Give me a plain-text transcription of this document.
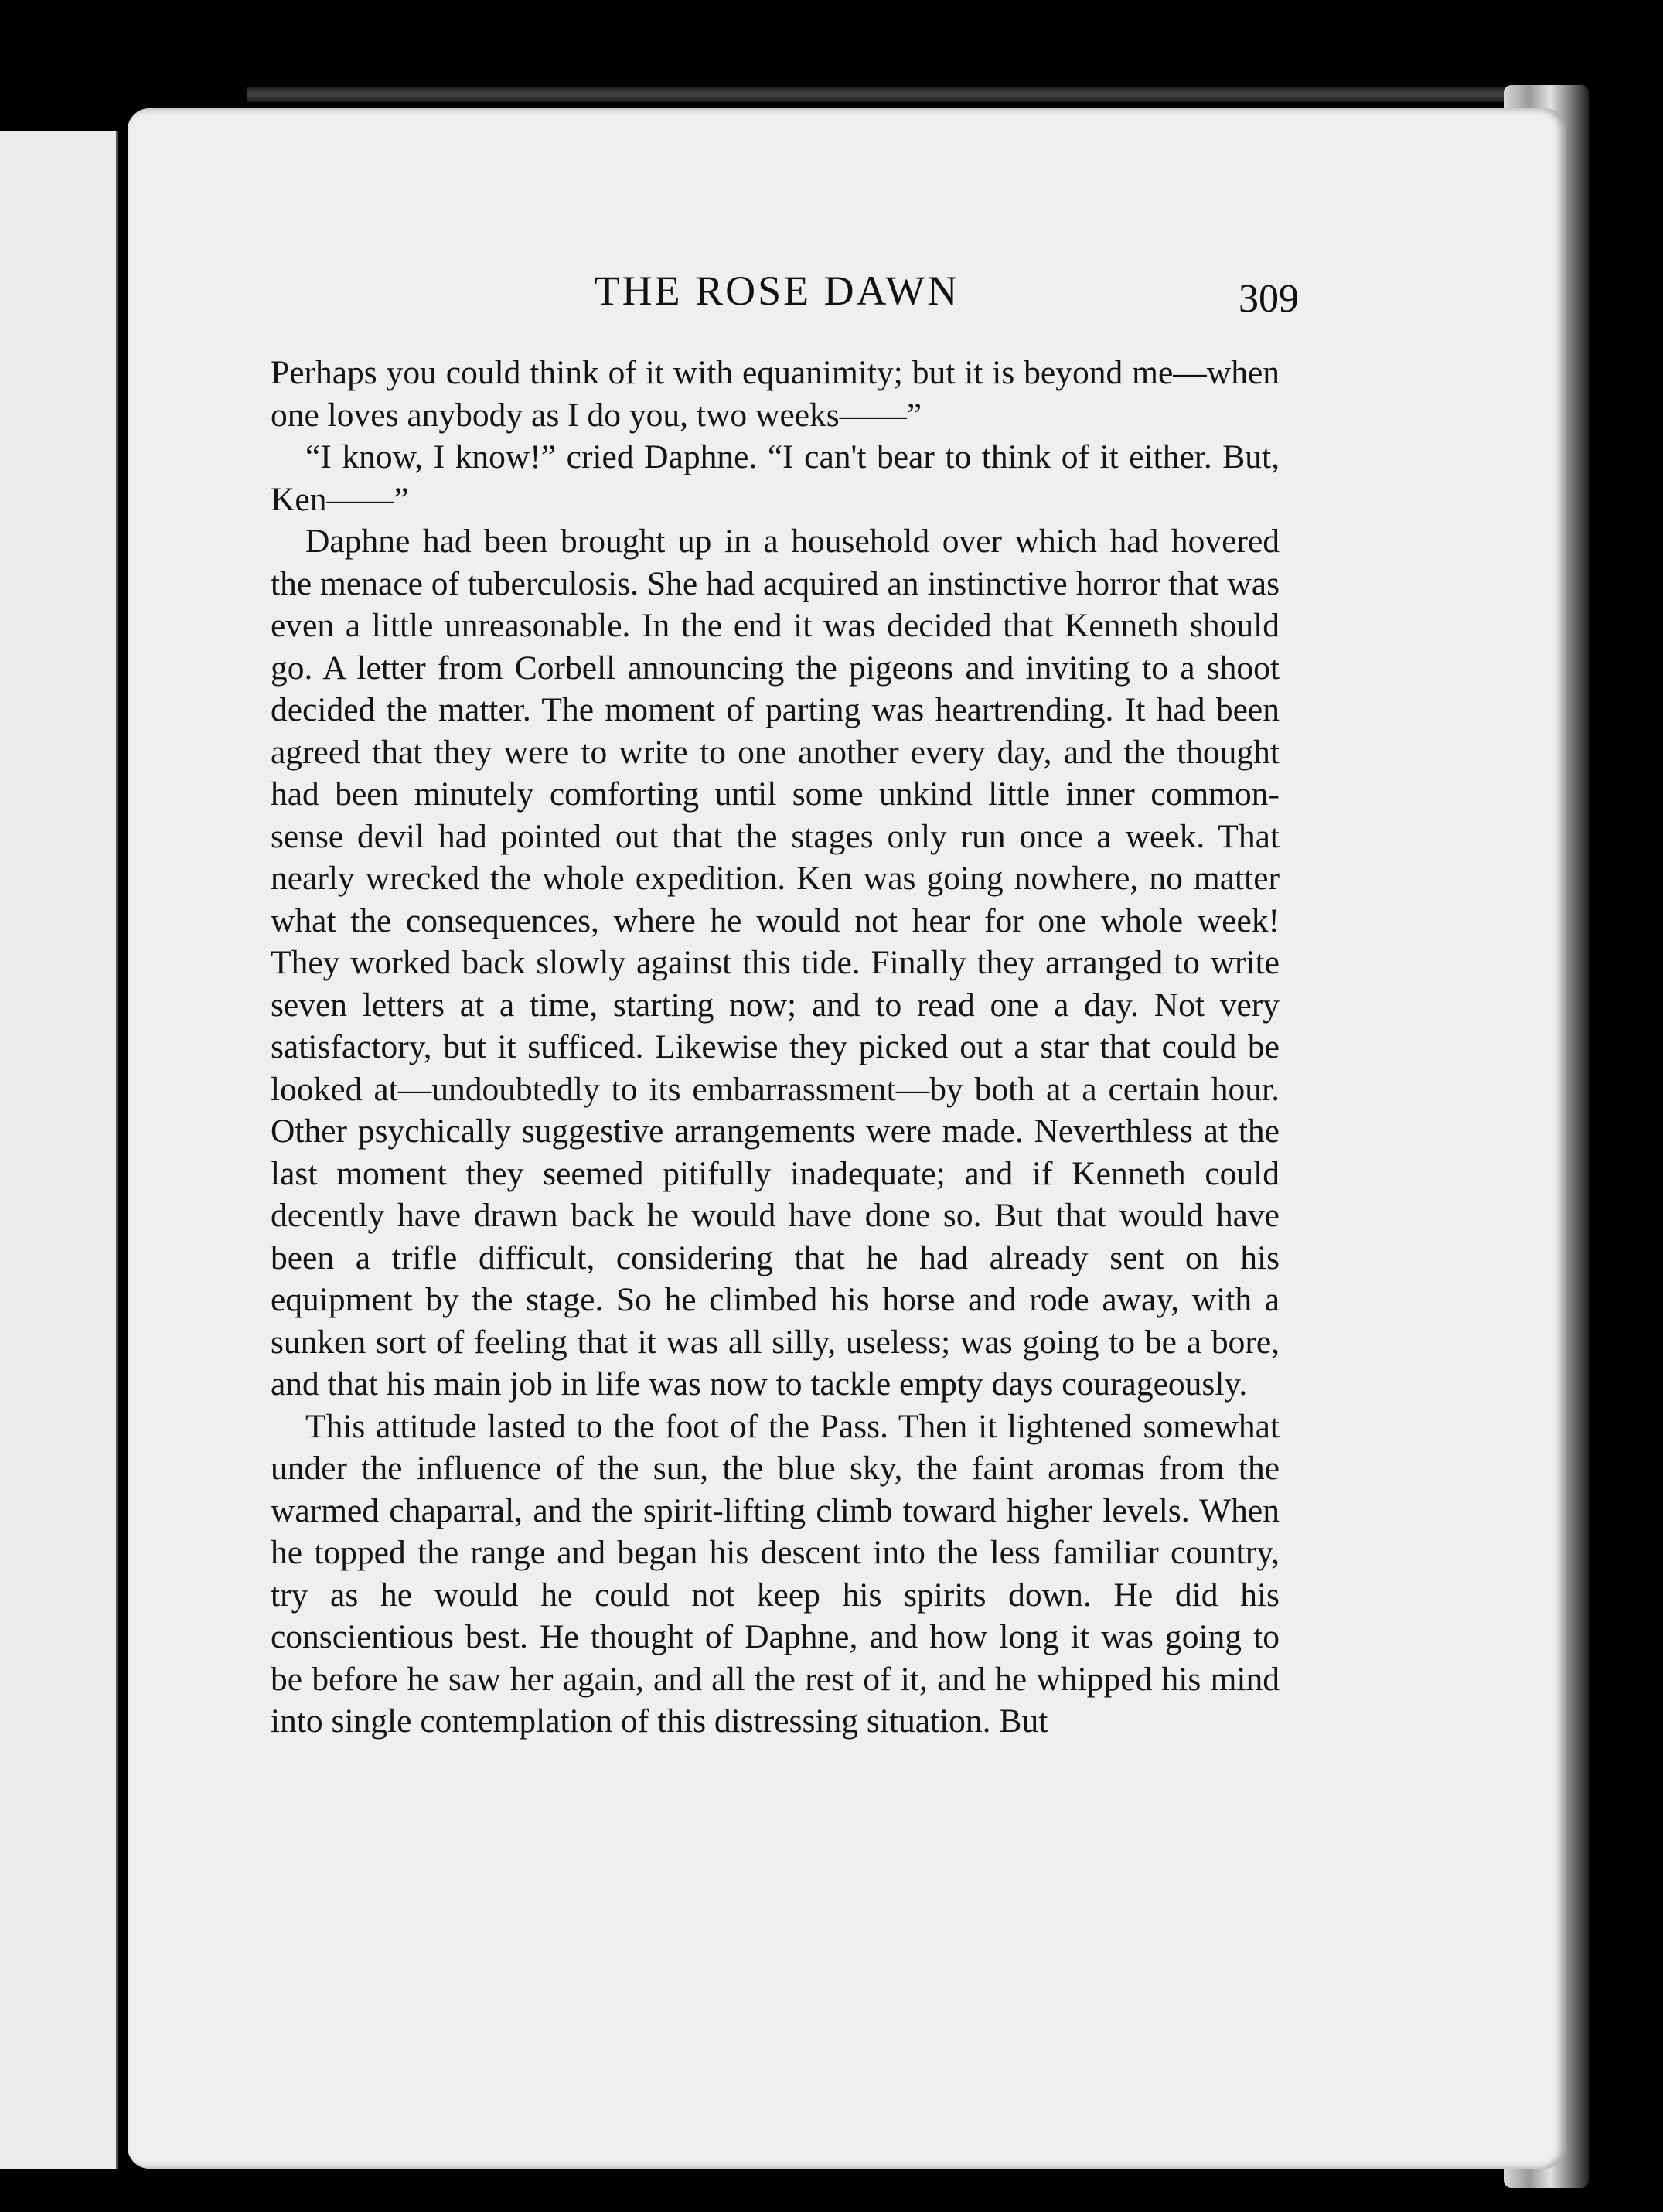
THE ROSE DAWN	309

Perhaps you could think of it with equanimity; but it is beyond me—when one loves anybody as I do you, two weeks——”

“I know, I know!” cried Daphne. “I can't bear to think of it either. But, Ken——”

Daphne had been brought up in a household over which had hovered the menace of tuberculosis. She had acquired an instinctive horror that was even a little unreasonable. In the end it was decided that Kenneth should go. A letter from Corbell announcing the pigeons and inviting to a shoot decided the matter. The moment of parting was heartrending. It had been agreed that they were to write to one another every day, and the thought had been minutely comforting until some unkind little inner common-sense devil had pointed out that the stages only run once a week. That nearly wrecked the whole expedition. Ken was going nowhere, no matter what the consequences, where he would not hear for one whole week! They worked back slowly against this tide. Finally they arranged to write seven letters at a time, starting now; and to read one a day. Not very satisfactory, but it sufficed. Likewise they picked out a star that could be looked at—undoubtedly to its embarrassment—by both at a certain hour. Other psychically suggestive arrangements were made. Neverthless at the last moment they seemed pitifully inadequate; and if Kenneth could decently have drawn back he would have done so. But that would have been a trifle difficult, considering that he had already sent on his equipment by the stage. So he climbed his horse and rode away, with a sunken sort of feeling that it was all silly, useless; was going to be a bore, and that his main job in life was now to tackle empty days courageously.

This attitude lasted to the foot of the Pass. Then it lightened somewhat under the influence of the sun, the blue sky, the faint aromas from the warmed chaparral, and the spirit-lifting climb toward higher levels. When he topped the range and began his descent into the less familiar country, try as he would he could not keep his spirits down. He did his conscientious best. He thought of Daphne, and how long it was going to be before he saw her again, and all the rest of it, and he whipped his mind into single contemplation of this distressing situation. But
